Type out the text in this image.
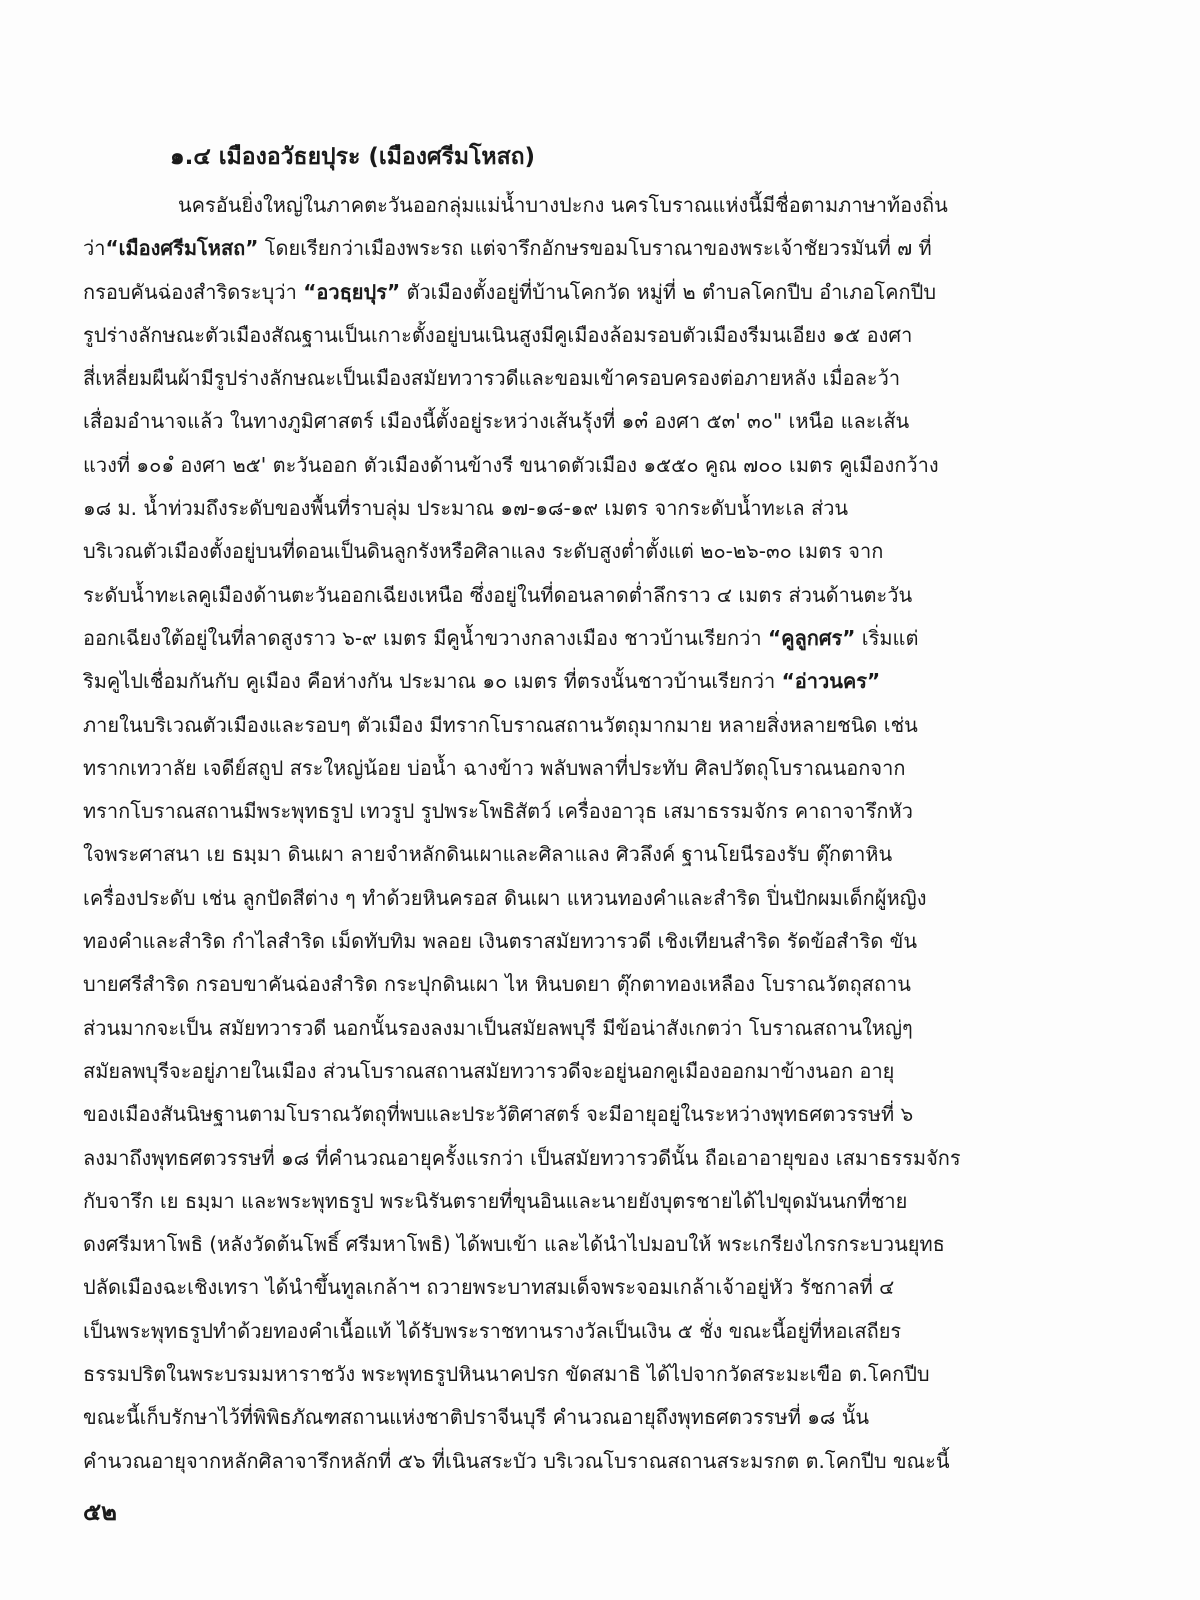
๑.๔ เมืองอวัธยปุระ (เมืองศรีมโหสถ)
นครอันยิ่งใหญ่ในภาคตะวันออกลุ่มแม่น้ำบางปะกง นครโบราณแห่งนี้มีชื่อตามภาษาท้องถิ่น
ว่า“เมืองศรีมโหสถ” โดยเรียกว่าเมืองพระรถ แต่จารึกอักษรขอมโบราณาของพระเจ้าชัยวรมันที่ ๗ ที่
กรอบคันฉ่องสำริดระบุว่า “อวธฺยปุร” ตัวเมืองตั้งอยู่ที่บ้านโคกวัด หมู่ที่ ๒ ตำบลโคกปีบ อำเภอโคกปีบ
รูปร่างลักษณะตัวเมืองสัณฐานเป็นเกาะตั้งอยู่บนเนินสูงมีคูเมืองล้อมรอบตัวเมืองรีมนเอียง ๑๕ องศา
สี่เหลี่ยมผืนผ้ามีรูปร่างลักษณะเป็นเมืองสมัยทวารวดีและขอมเข้าครอบครองต่อภายหลัง เมื่อละว้า
เสื่อมอำนาจแล้ว ในทางภูมิศาสตร์ เมืองนี้ตั้งอยู่ระหว่างเส้นรุ้งที่ ๑๓ํ องศา ๕๓' ๓๐" เหนือ และเส้น
แวงที่ ๑๐๑ํ องศา ๒๕' ตะวันออก ตัวเมืองด้านข้างรี ขนาดตัวเมือง ๑๕๕๐ คูณ ๗๐๐ เมตร คูเมืองกว้าง
๑๘ ม. น้ำท่วมถึงระดับของพื้นที่ราบลุ่ม ประมาณ ๑๗-๑๘-๑๙ เมตร จากระดับน้ำทะเล ส่วน
บริเวณตัวเมืองตั้งอยู่บนที่ดอนเป็นดินลูกรังหรือศิลาแลง ระดับสูงต่ำตั้งแต่ ๒๐-๒๖-๓๐ เมตร จาก
ระดับน้ำทะเลคูเมืองด้านตะวันออกเฉียงเหนือ ซึ่งอยู่ในที่ดอนลาดต่ำลึกราว ๔ เมตร ส่วนด้านตะวัน
ออกเฉียงใต้อยู่ในที่ลาดสูงราว ๖-๙ เมตร มีคูน้ำขวางกลางเมือง ชาวบ้านเรียกว่า “คูลูกศร” เริ่มแต่
ริมคูไปเชื่อมกันกับ คูเมือง คือห่างกัน ประมาณ ๑๐ เมตร ที่ตรงนั้นชาวบ้านเรียกว่า “อ่าวนคร”
ภายในบริเวณตัวเมืองและรอบๆ ตัวเมือง มีทรากโบราณสถานวัตถุมากมาย หลายสิ่งหลายชนิด เช่น
ทรากเทวาลัย เจดีย์สถูป สระใหญ่น้อย บ่อน้ำ ฉางข้าว พลับพลาที่ประทับ ศิลปวัตถุโบราณนอกจาก
ทรากโบราณสถานมีพระพุทธรูป เทวรูป รูปพระโพธิสัตว์ เครื่องอาวุธ เสมาธรรมจักร คาถาจารึกหัว
ใจพระศาสนา เย ธมฺมา ดินเผา ลายจำหลักดินเผาและศิลาแลง ศิวลึงค์ ฐานโยนีรองรับ ตุ๊กตาหิน
เครื่องประดับ เช่น ลูกปัดสีต่าง ๆ ทำด้วยหินครอส ดินเผา แหวนทองคำและสำริด ปิ่นปักผมเด็กผู้หญิง
ทองคำและสำริด กำไลสำริด เม็ดทับทิม พลอย เงินตราสมัยทวารวดี เชิงเทียนสำริด รัดข้อสำริด ขัน
บายศรีสำริด กรอบขาคันฉ่องสำริด กระปุกดินเผา ไห หินบดยา ตุ๊กตาทองเหลือง โบราณวัตถุสถาน
ส่วนมากจะเป็น สมัยทวารวดี นอกนั้นรองลงมาเป็นสมัยลพบุรี มีข้อน่าสังเกตว่า โบราณสถานใหญ่ๆ
สมัยลพบุรีจะอยู่ภายในเมือง ส่วนโบราณสถานสมัยทวารวดีจะอยู่นอกคูเมืองออกมาข้างนอก อายุ
ของเมืองสันนิษฐานตามโบราณวัตถุที่พบและประวัติศาสตร์ จะมีอายุอยู่ในระหว่างพุทธศตวรรษที่ ๖
ลงมาถึงพุทธศตวรรษที่ ๑๘ ที่คำนวณอายุครั้งแรกว่า เป็นสมัยทวารวดีนั้น ถือเอาอายุของ เสมาธรรมจักร
กับจารึก เย ธมฺมา และพระพุทธรูป พระนิรันตรายที่ขุนอินและนายยังบุตรชายได้ไปขุดมันนกที่ชาย
ดงศรีมหาโพธิ (หลังวัดต้นโพธิ์ ศรีมหาโพธิ) ได้พบเข้า และได้นำไปมอบให้ พระเกรียงไกรกระบวนยุทธ
ปลัดเมืองฉะเชิงเทรา ได้นำขึ้นทูลเกล้าฯ ถวายพระบาทสมเด็จพระจอมเกล้าเจ้าอยู่หัว รัชกาลที่ ๔
เป็นพระพุทธรูปทำด้วยทองคำเนื้อแท้ ได้รับพระราชทานรางวัลเป็นเงิน ๕ ชั่ง ขณะนี้อยู่ที่หอเสถียร
ธรรมปริตในพระบรมมหาราชวัง พระพุทธรูปหินนาคปรก ขัดสมาธิ ได้ไปจากวัดสระมะเขือ ต.โคกปีบ
ขณะนี้เก็บรักษาไว้ที่พิพิธภัณฑสถานแห่งชาติปราจีนบุรี คำนวณอายุถึงพุทธศตวรรษที่ ๑๘ นั้น
คำนวณอายุจากหลักศิลาจารึกหลักที่ ๕๖ ที่เนินสระบัว บริเวณโบราณสถานสระมรกต ต.โคกปีบ ขณะนี้
๕๒
